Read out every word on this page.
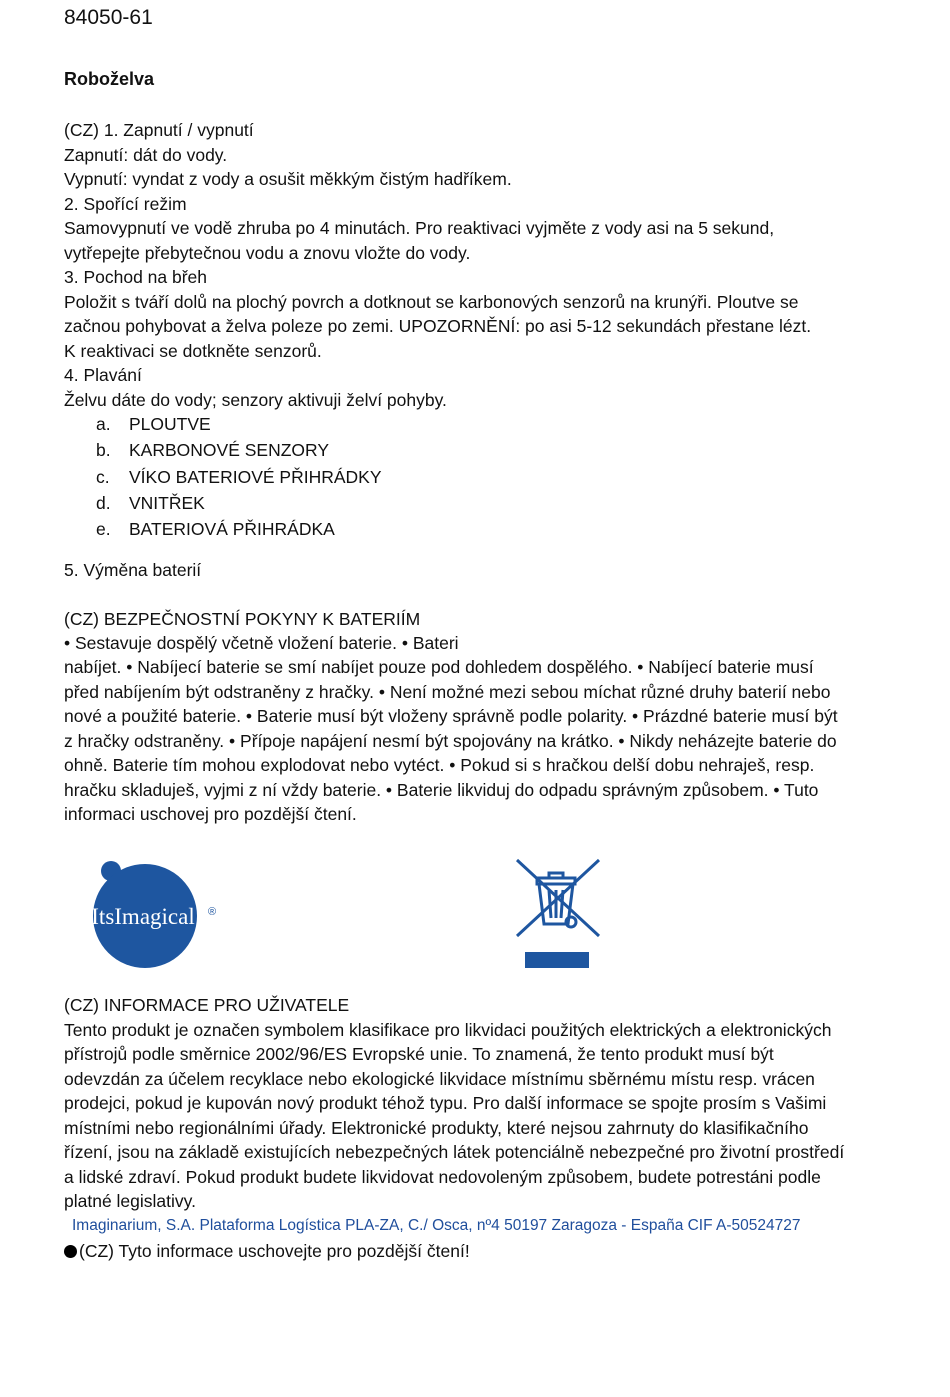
84050-61
Robоželva
(CZ) 1. Zapnutí / vypnutí
Zapnutí: dát do vody.
Vypnutí: vyndat z vody a osušit měkkým čistým hadříkem.
2. Spořící režim
Samovypnutí ve vodě zhruba po 4 minutách. Pro reaktivaci vyjměte z vody asi na 5 sekund,
vytřepejte přebytečnou vodu a znovu vložte do vody.
3. Pochod na břeh
Položit s tváří dolů na plochý povrch a dotknout se karbonových senzorů na krunýři. Ploutve se
začnou pohybovat a želva poleze po zemi. UPOZORNĚNÍ: po asi 5-12 sekundách přestane lézt.
K reaktivaci se dotkněte senzorů.
4. Plavání
Želvu dáte do vody; senzory aktivuji želví pohyby.
a. PLOUTVE
b. KARBONOVÉ SENZORY
c. VÍKO BATERIOVÉ PŘIHRÁDKY
d. VNITŘEK
e. BATERIOVÁ PŘIHRÁDKA
5. Výměna baterií
(CZ) BEZPEČNOSTNÍ POKYNY K BATERIÍM
• Sestavuje dospělý včetně vložení baterie. • Bateri
nabíjet. • Nabíjecí baterie se smí nabíjet pouze pod dohledem dospělého. • Nabíjecí baterie musí
před nabíjením být odstraněny z hračky. • Není možné mezi sebou míchat různé druhy baterií nebo
nové a použité baterie. • Baterie musí být vloženy správně podle polarity. • Prázdné baterie musí být
z hračky odstraněny. • Přípoje napájení nesmí být spojovány na krátko. • Nikdy neházejte baterie do
ohně. Baterie tím mohou explodovat nebo vytéct. • Pokud si s hračkou delší dobu nehraješ, resp.
hračku skladuješ, vyjmi z ní vždy baterie. • Baterie likviduj do odpadu správným způsobem. • Tuto
informaci uschovej pro pozdější čtení.
ItsImagical ®
(CZ) INFORMACE PRO UŽIVATELE
Tento produkt je označen symbolem klasifikace pro likvidaci použitých elektrických a elektronických
přístrojů podle směrnice 2002/96/ES Evropské unie. To znamená, že tento produkt musí být
odevzdán za účelem recyklace nebo ekologické likvidace místnímu sběrnému místu resp. vrácen
prodejci, pokud je kupován nový produkt téhož typu. Pro další informace se spojte prosím s Vašimi
místními nebo regionálními úřady. Elektronické produkty, které nejsou zahrnuty do klasifikačního
řízení, jsou na základě existujících nebezpečných látek potenciálně nebezpečné pro životní prostředí
a lidské zdraví. Pokud produkt budete likvidovat nedovoleným způsobem, budete potrestáni podle
platné legislativy.
Imaginarium, S.A. Plataforma Logística PLA-ZA, C./ Osca, nº4 50197 Zaragoza - España CIF A-50524727
(CZ) Tyto informace uschovejte pro pozdější čtení!
